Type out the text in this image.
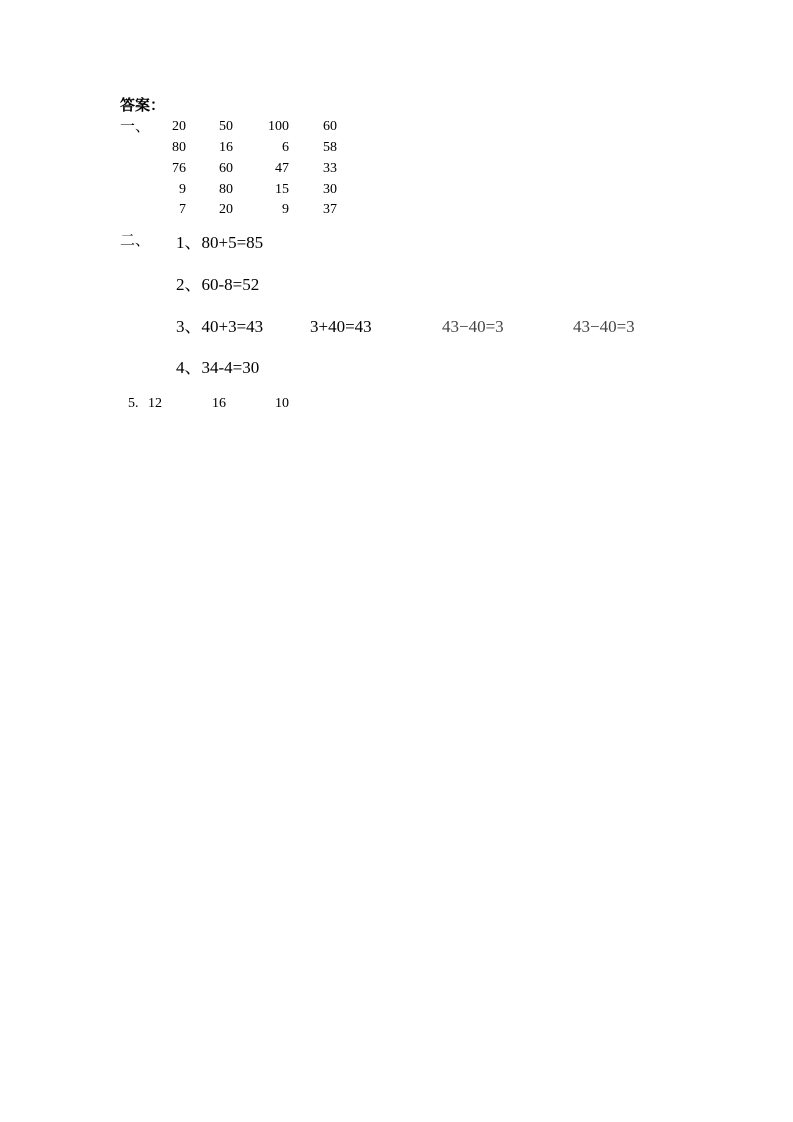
答案：
一、	20	50	100	60
80	16	6	58
76	60	47	33
9	80	15	30
7	20	9	37
二、 1、80+5=85
2、60-8=52
3、40+3=43	3+40=43	43−40=3	43−40=3
4、34-4=30
5. 12	16	10
